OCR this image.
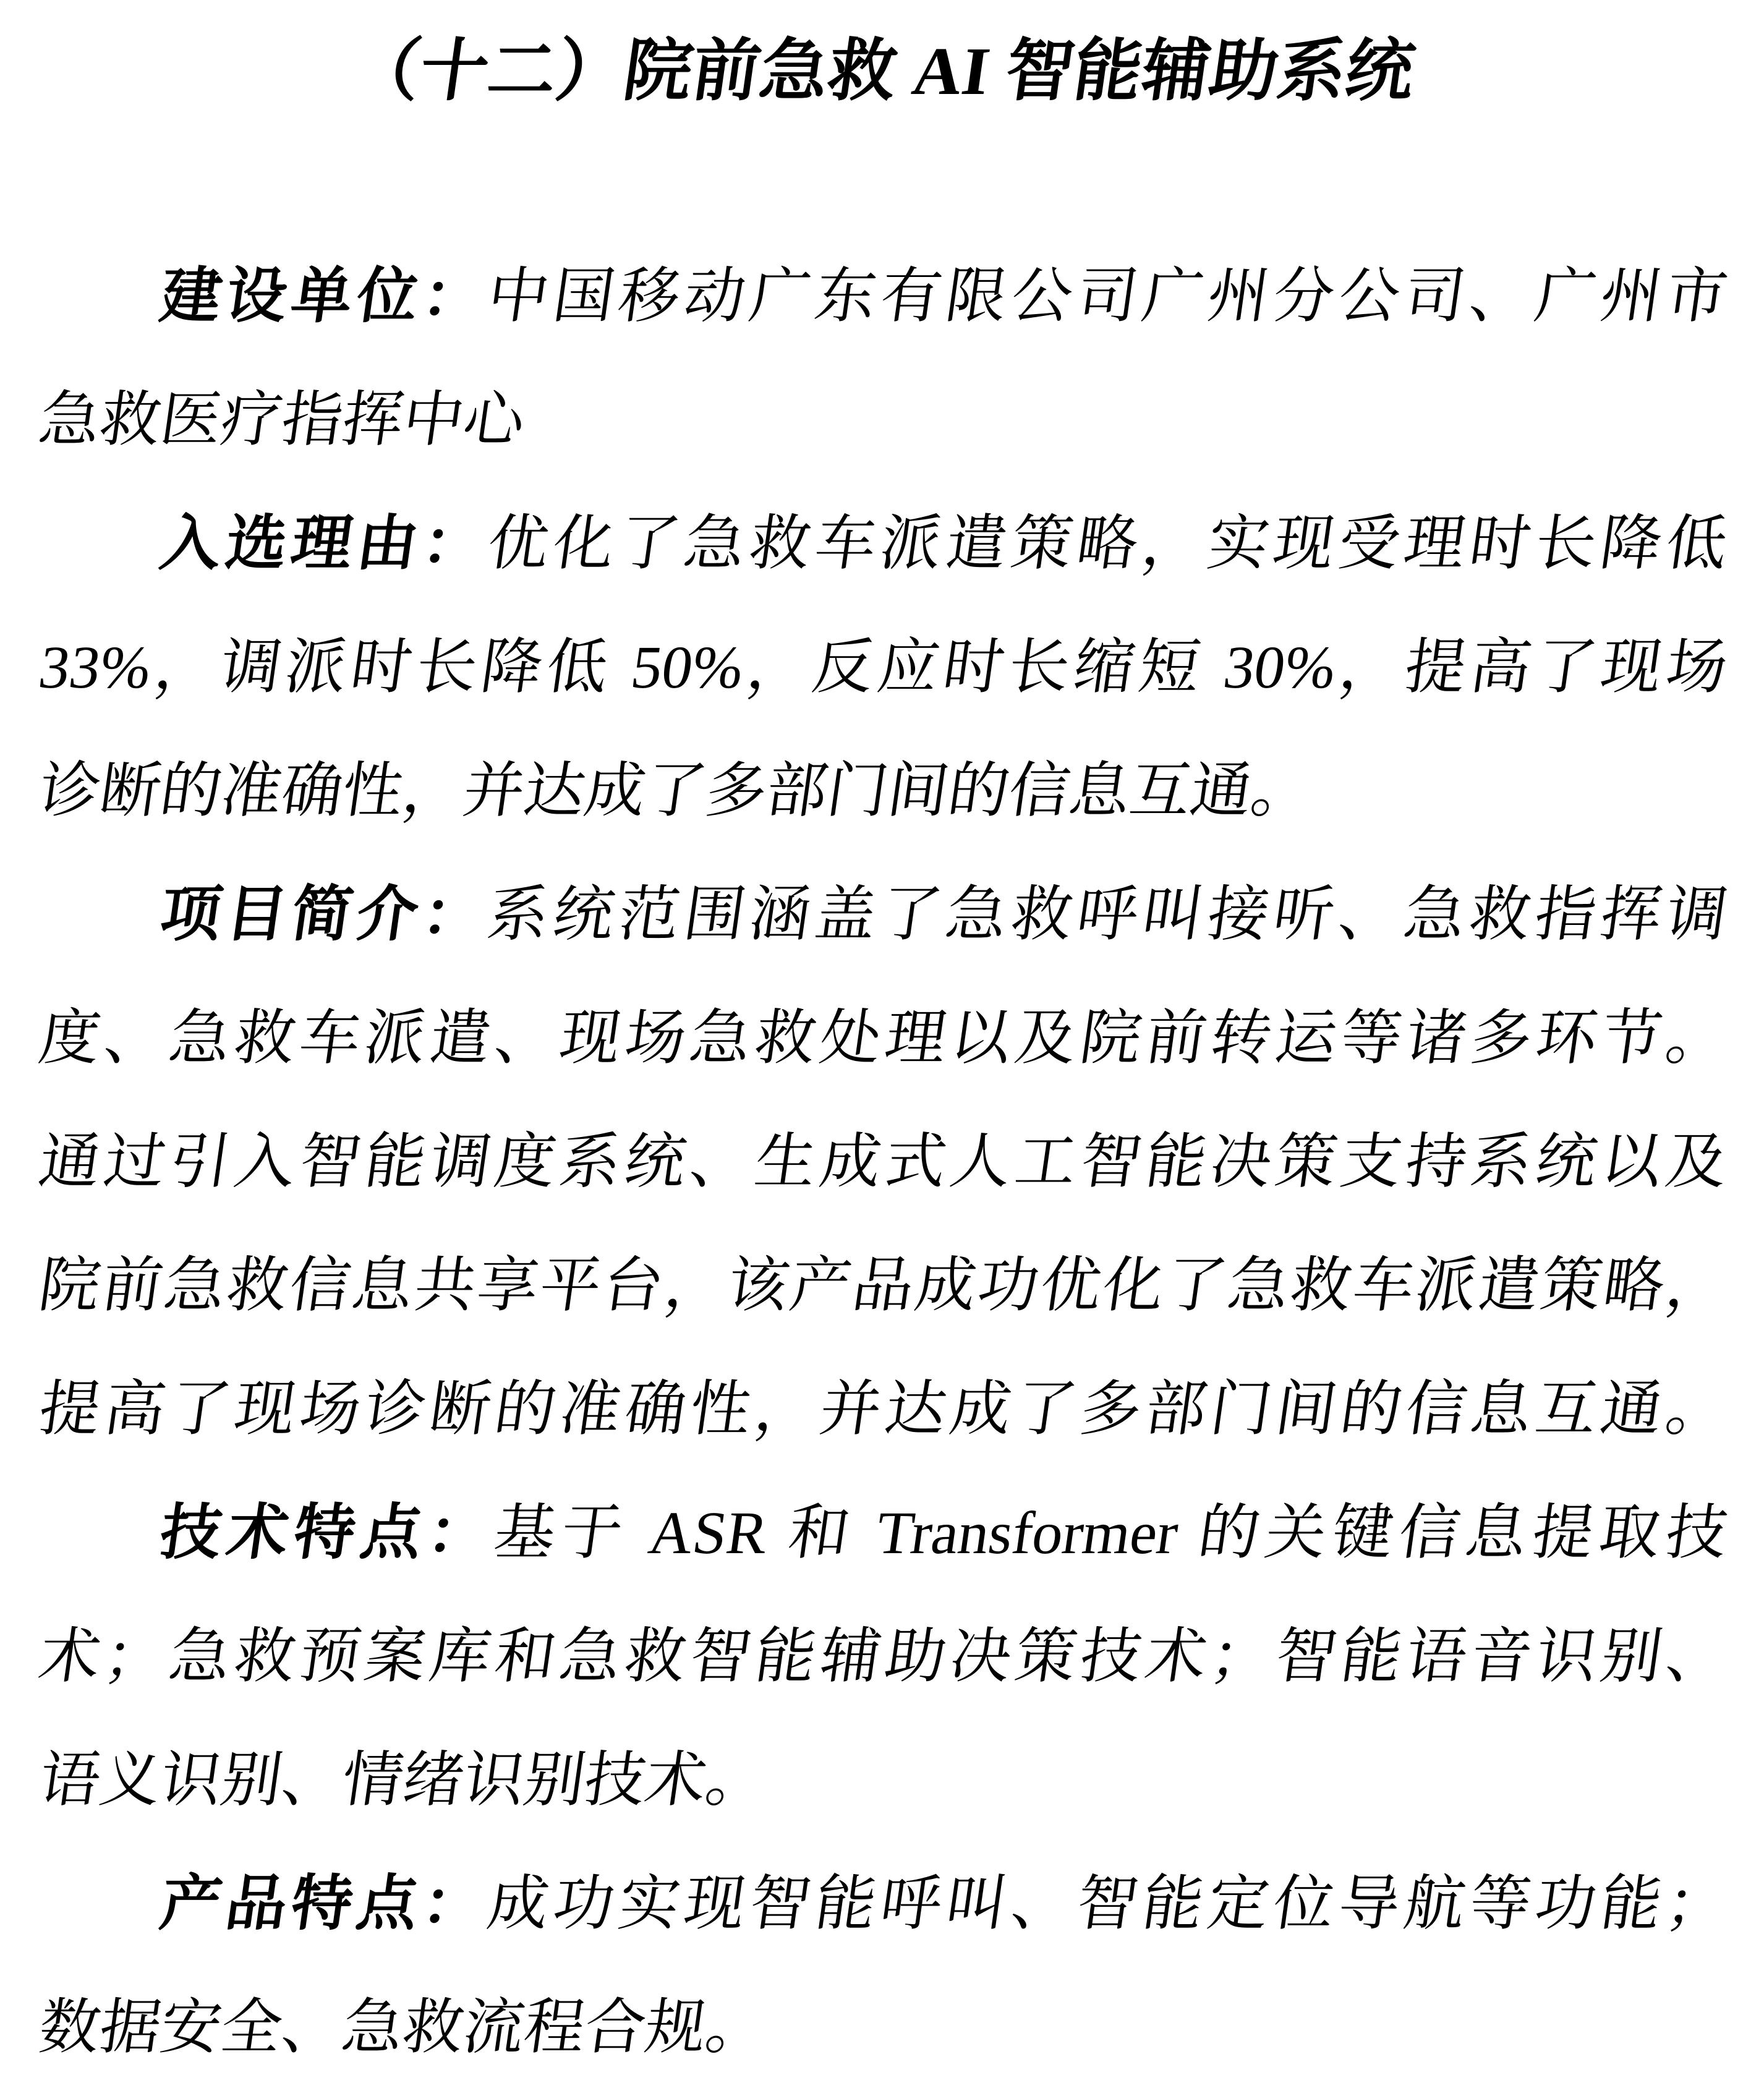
（十二）院前急救 AI 智能辅助系统
建设单位：中国移动广东有限公司广州分公司、广州市
急救医疗指挥中心
入选理由：优化了急救车派遣策略，实现受理时长降低
33%，调派时长降低 50%，反应时长缩短 30%，提高了现场
诊断的准确性，并达成了多部门间的信息互通。
项目简介：系统范围涵盖了急救呼叫接听、急救指挥调
度、急救车派遣、现场急救处理以及院前转运等诸多环节。
通过引入智能调度系统、生成式人工智能决策支持系统以及
院前急救信息共享平台，该产品成功优化了急救车派遣策略，
提高了现场诊断的准确性，并达成了多部门间的信息互通。
技术特点：基于 ASR 和 Transformer 的关键信息提取技
术；急救预案库和急救智能辅助决策技术；智能语音识别、
语义识别、情绪识别技术。
产品特点：成功实现智能呼叫、智能定位导航等功能；
数据安全、急救流程合规。
